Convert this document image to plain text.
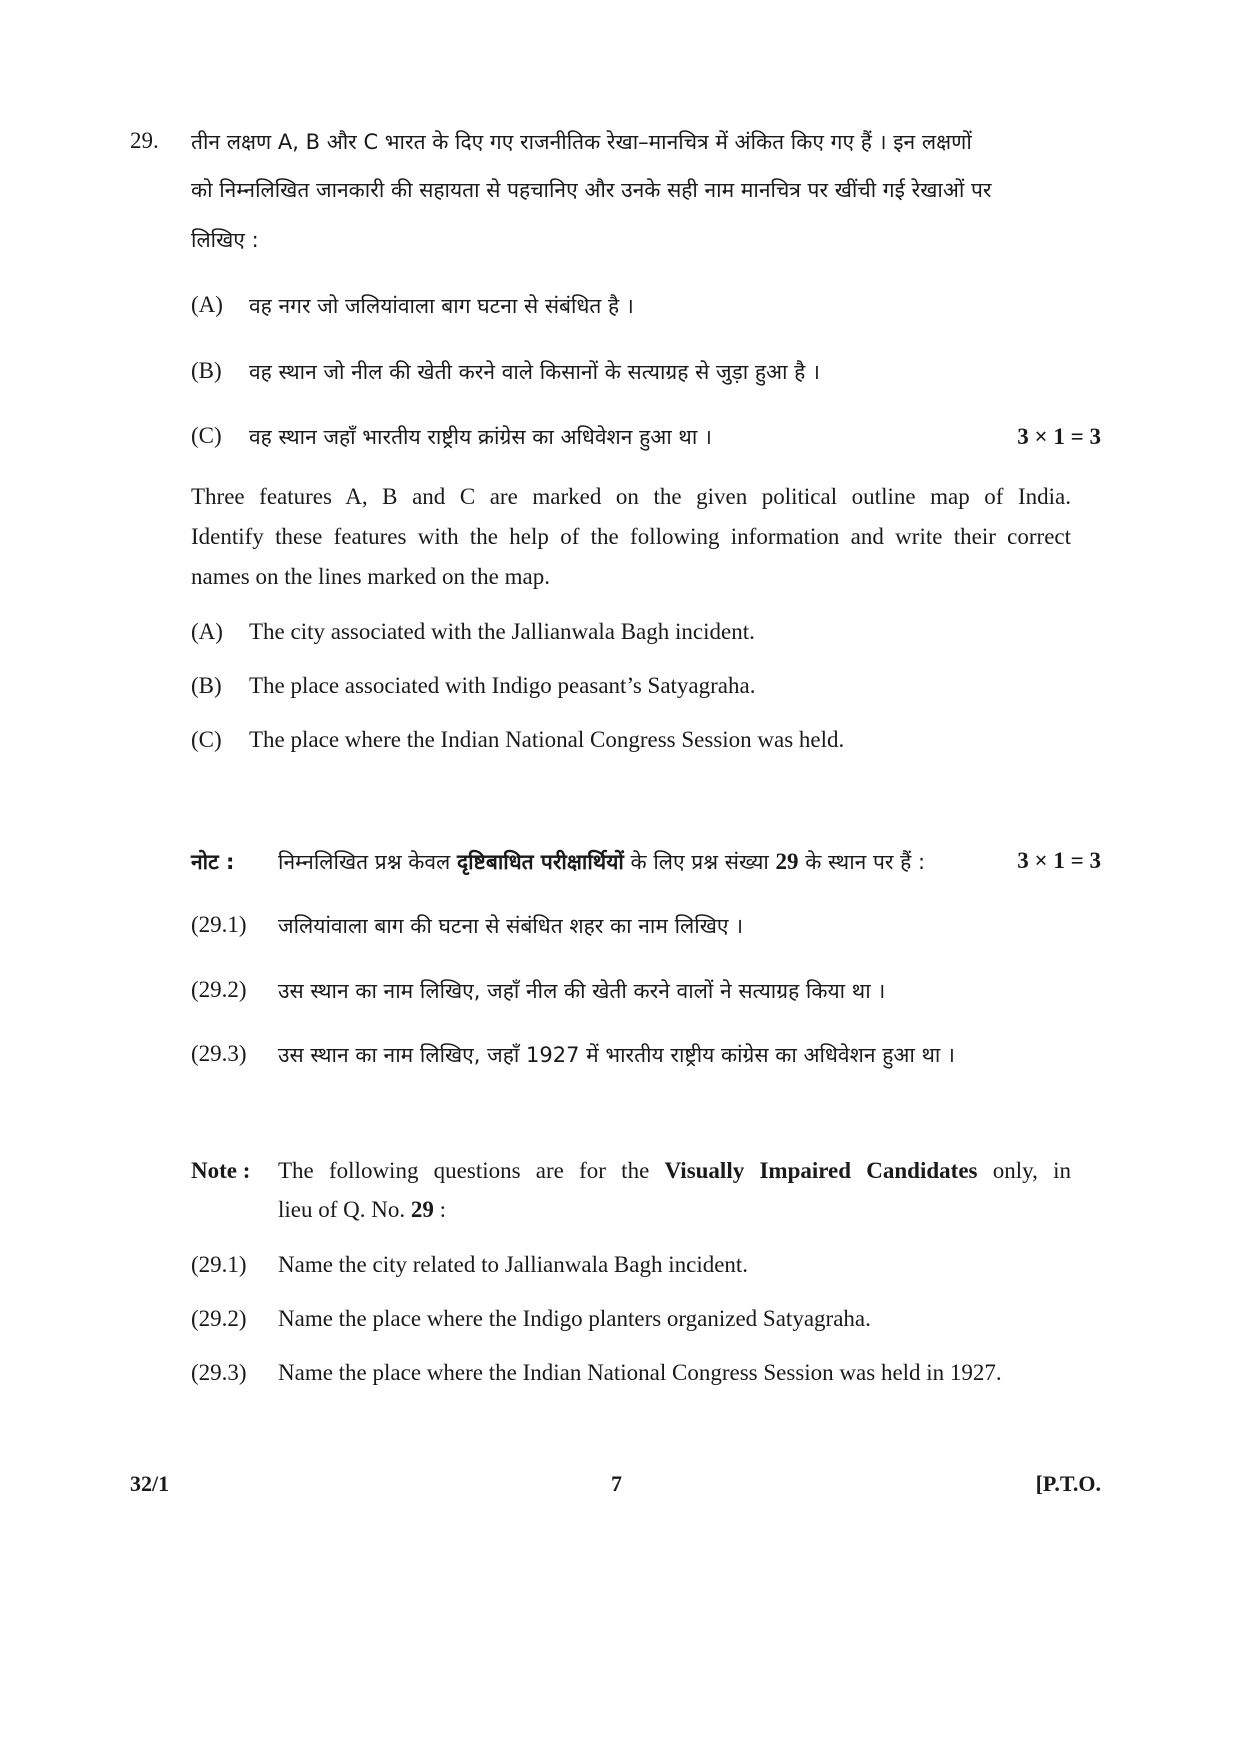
29. तीन लक्षण A, B और C भारत के दिए गए राजनीतिक रेखा–मानचित्र में अंकित किए गए हैं । इन लक्षणों
को निम्नलिखित जानकारी की सहायता से पहचानिए और उनके सही नाम मानचित्र पर खींची गई रेखाओं पर
लिखिए :
(A) वह नगर जो जलियांवाला बाग घटना से संबंधित है ।
(B) वह स्थान जो नील की खेती करने वाले किसानों के सत्याग्रह से जुड़ा हुआ है ।
(C) वह स्थान जहाँ भारतीय राष्ट्रीय क्रांग्रेस का अधिवेशन हुआ था ।	3 × 1 = 3
Three features A, B and C are marked on the given political outline map of India.
Identify these features with the help of the following information and write their correct
names on the lines marked on the map.
(A) The city associated with the Jallianwala Bagh incident.
(B) The place associated with Indigo peasant’s Satyagraha.
(C) The place where the Indian National Congress Session was held.
नोट : निम्नलिखित प्रश्न केवल दृष्टिबाधित परीक्षार्थियों के लिए प्रश्न संख्या 29 के स्थान पर हैं :	3 × 1 = 3
(29.1) जलियांवाला बाग की घटना से संबंधित शहर का नाम लिखिए ।
(29.2) उस स्थान का नाम लिखिए, जहाँ नील की खेती करने वालों ने सत्याग्रह किया था ।
(29.3) उस स्थान का नाम लिखिए, जहाँ 1927 में भारतीय राष्ट्रीय कांग्रेस का अधिवेशन हुआ था ।
Note : The following questions are for the Visually Impaired Candidates only, in
lieu of Q. No. 29 :
(29.1) Name the city related to Jallianwala Bagh incident.
(29.2) Name the place where the Indigo planters organized Satyagraha.
(29.3) Name the place where the Indian National Congress Session was held in 1927.
32/1	7	[P.T.O.
